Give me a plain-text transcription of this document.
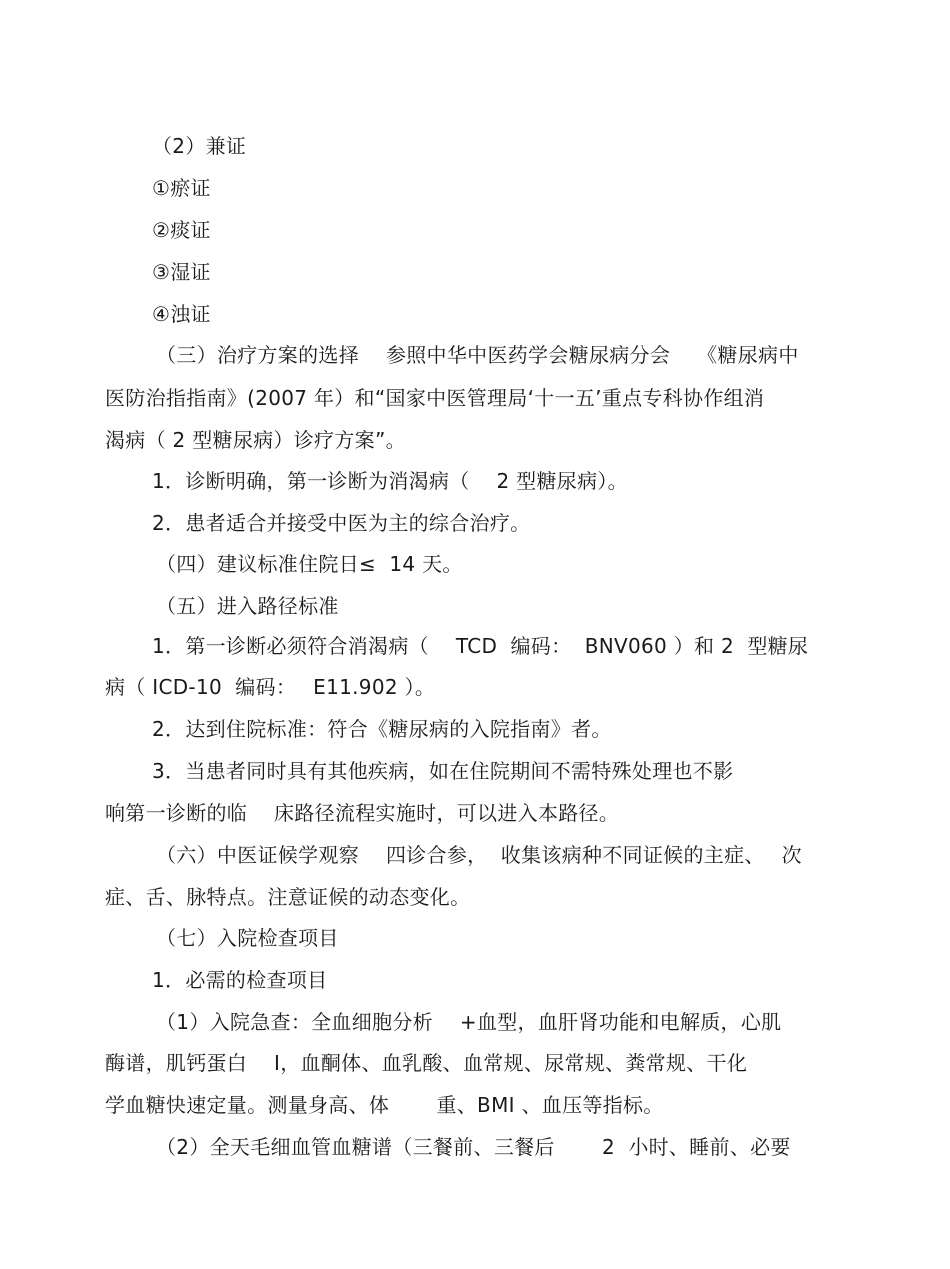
（2）兼证
①瘀证
②痰证
③湿证
④浊证
（三）治疗方案的选择　 参照中华中医药学会糖尿病分会　 《糖尿病中
医防治指指南》(2007 年）和“国家中医管理局‘十一五’重点专科协作组消
渴病（ 2 型糖尿病）诊疗方案”。
1．诊断明确，第一诊断为消渴病（　 2 型糖尿病）。
2．患者适合并接受中医为主的综合治疗。
（四）建议标准住院日≤  14 天。
（五）进入路径标准
1．第一诊断必须符合消渴病（　 TCD  编码：  BNV060 ）和 2  型糖尿
病（ ICD-10  编码：　 E11.902 ）。
2．达到住院标准：符合《糖尿病的入院指南》者。
3．当患者同时具有其他疾病，如在住院期间不需特殊处理也不影
响第一诊断的临　 床路径流程实施时，可以进入本路径。
（六）中医证候学观察　 四诊合参，  收集该病种不同证候的主症、　 次
症、舌、脉特点。注意证候的动态变化。
（七）入院检查项目
1．必需的检查项目
（1）入院急查：全血细胞分析　 +血型，血肝肾功能和电解质，心肌
酶谱，肌钙蛋白　 I，血酮体、血乳酸、血常规、尿常规、粪常规、干化
学血糖快速定量。测量身高、体　　 重、BMI 、血压等指标。
（2）全天毛细血管血糖谱（三餐前、三餐后　　 2  小时、睡前、必要
